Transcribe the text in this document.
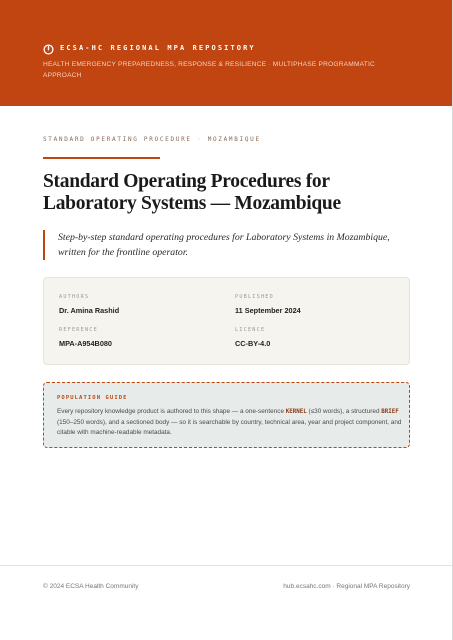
ECSA-HC REGIONAL MPA REPOSITORY
HEALTH EMERGENCY PREPAREDNESS, RESPONSE & RESILIENCE · MULTIPHASE PROGRAMMATIC APPROACH
STANDARD OPERATING PROCEDURE · MOZAMBIQUE
Standard Operating Procedures for Laboratory Systems — Mozambique
Step-by-step standard operating procedures for Laboratory Systems in Mozambique, written for the frontline operator.
AUTHORS
Dr. Amina Rashid
PUBLISHED
11 September 2024
REFERENCE
MPA-A954B080
LICENCE
CC-BY-4.0
POPULATION GUIDE
Every repository knowledge product is authored to this shape — a one-sentence KERNEL (≤30 words), a structured BRIEF (150–250 words), and a sectioned body — so it is searchable by country, technical area, year and project component, and citable with machine-readable metadata.
© 2024 ECSA Health Community	hub.ecsahc.com · Regional MPA Repository
